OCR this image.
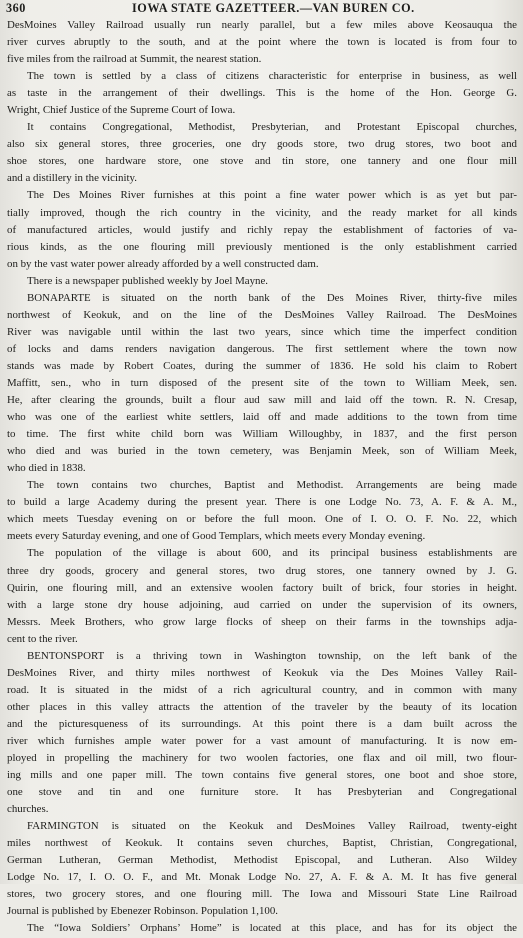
360	IOWA STATE GAZETTEER.—VAN BUREN CO.
DesMoines Valley Railroad usually run nearly parallel, but a few miles above Keosauqua the
river curves abruptly to the south, and at the point where the town is located is from four to
five miles from the railroad at Summit, the nearest station.
The town is settled by a class of citizens characteristic for enterprise in business, as well
as taste in the arrangement of their dwellings. This is the home of the Hon. George G.
Wright, Chief Justice of the Supreme Court of Iowa.
It contains Congregational, Methodist, Presbyterian, and Protestant Episcopal churches,
also six general stores, three groceries, one dry goods store, two drug stores, two boot and
shoe stores, one hardware store, one stove and tin store, one tannery and one flour mill
and a distillery in the vicinity.
The Des Moines River furnishes at this point a fine water power which is as yet but par-
tially improved, though the rich country in the vicinity, and the ready market for all kinds
of manufactured articles, would justify and richly repay the establishment of factories of va-
rious kinds, as the one flouring mill previously mentioned is the only establishment carried
on by the vast water power already afforded by a well constructed dam.
There is a newspaper published weekly by Joel Mayne.
BONAPARTE is situated on the north bank of the Des Moines River, thirty-five miles
northwest of Keokuk, and on the line of the DesMoines Valley Railroad. The DesMoines
River was navigable until within the last two years, since which time the imperfect condition
of locks and dams renders navigation dangerous. The first settlement where the town now
stands was made by Robert Coates, during the summer of 1836. He sold his claim to Robert
Maffitt, sen., who in turn disposed of the present site of the town to William Meek, sen.
He, after clearing the grounds, built a flour aud saw mill and laid off the town. R. N. Cresap,
who was one of the earliest white settlers, laid off and made additions to the town from time
to time. The first white child born was William Willoughby, in 1837, and the first person
who died and was buried in the town cemetery, was Benjamin Meek, son of William Meek,
who died in 1838.
The town contains two churches, Baptist and Methodist. Arrangements are being made
to build a large Academy during the present year. There is one Lodge No. 73, A. F. & A. M.,
which meets Tuesday evening on or before the full moon. One of I. O. O. F. No. 22, which
meets every Saturday evening, and one of Good Templars, which meets every Monday evening.
The population of the village is about 600, and its principal business establishments are
three dry goods, grocery and general stores, two drug stores, one tannery owned by J. G.
Quirin, one flouring mill, and an extensive woolen factory built of brick, four stories in height.
with a large stone dry house adjoining, aud carried on under the supervision of its owners,
Messrs. Meek Brothers, who grow large flocks of sheep on their farms in the townships adja-
cent to the river.
BENTONSPORT is a thriving town in Washington township, on the left bank of the
DesMoines River, and thirty miles northwest of Keokuk via the Des Moines Valley Rail-
road. It is situated in the midst of a rich agricultural country, and in common with many
other places in this valley attracts the attention of the traveler by the beauty of its location
and the picturesqueness of its surroundings. At this point there is a dam built across the
river which furnishes ample water power for a vast amount of manufacturing. It is now em-
ployed in propelling the machinery for two woolen factories, one flax and oil mill, two flour-
ing mills and one paper mill. The town contains five general stores, one boot and shoe store,
one stove and tin and one furniture store. It has Presbyterian and Congregational
churches.
FARMINGTON is situated on the Keokuk and DesMoines Valley Railroad, twenty-eight
miles northwest of Keokuk. It contains seven churches, Baptist, Christian, Congregational,
German Lutheran, German Methodist, Methodist Episcopal, and Lutheran. Also Wildey
Lodge No. 17, I. O. O. F., and Mt. Monak Lodge No. 27, A. F. & A. M. It has five general
stores, two grocery stores, and one flouring mill. The Iowa and Missouri State Line Railroad
Journal is published by Ebenezer Robinson. Population 1,100.
The “Iowa Soldiers’ Orphans’ Home” is located at this place, and has for its object the
